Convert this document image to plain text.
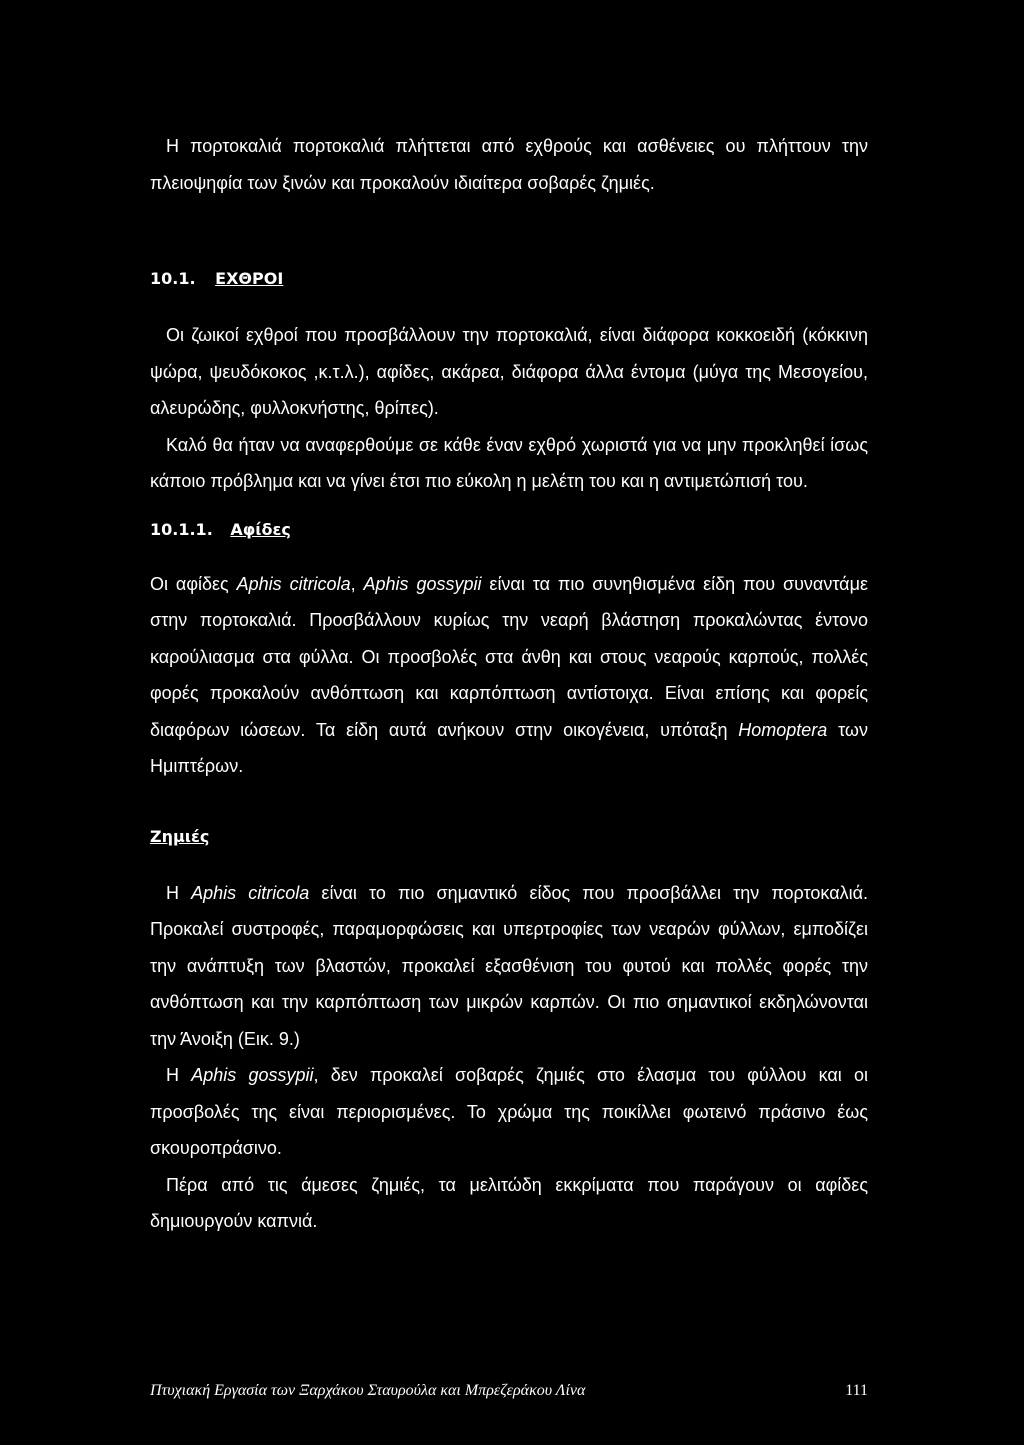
Η πορτοκαλιά πορτοκαλιά πλήττεται από εχθρούς και ασθένειες ου πλήττουν την πλειοψηφία των ξινών και προκαλούν ιδιαίτερα σοβαρές ζημιές.

10.1. ΕΧΘΡΟΙ

Οι ζωικοί εχθροί που προσβάλλουν την πορτοκαλιά, είναι διάφορα κοκκοειδή (κόκκινη ψώρα, ψευδόκοκος ,κ.τ.λ.), αφίδες, ακάρεα, διάφορα άλλα έντομα (μύγα της Μεσογείου, αλευρώδης, φυλλοκνήστης, θρίπες).

Καλό θα ήταν να αναφερθούμε σε κάθε έναν εχθρό χωριστά για να μην προκληθεί ίσως κάποιο πρόβλημα και να γίνει έτσι πιο εύκολη η μελέτη του και η αντιμετώπισή του.

10.1.1. Αφίδες

Οι αφίδες Aphis citricola, Aphis gossypii είναι τα πιο συνηθισμένα είδη που συναντάμε στην πορτοκαλιά. Προσβάλλουν κυρίως την νεαρή βλάστηση προκαλώντας έντονο καρούλιασμα στα φύλλα. Οι προσβολές στα άνθη και στους νεαρούς καρπούς, πολλές φορές προκαλούν ανθόπτωση και καρπόπτωση αντίστοιχα. Είναι επίσης και φορείς διαφόρων ιώσεων. Τα είδη αυτά ανήκουν στην οικογένεια, υπόταξη Homoptera των Ημιπτέρων.

Ζημιές

Η Aphis citricola είναι το πιο σημαντικό είδος που προσβάλλει την πορτοκαλιά. Προκαλεί συστροφές, παραμορφώσεις και υπερτροφίες των νεαρών φύλλων, εμποδίζει την ανάπτυξη των βλαστών, προκαλεί εξασθένιση του φυτού και πολλές φορές την ανθόπτωση και την καρπόπτωση των μικρών καρπών. Οι πιο σημαντικοί εκδηλώνονται την Άνοιξη (Εικ. 9.)

Η Aphis gossypii, δεν προκαλεί σοβαρές ζημιές στο έλασμα του φύλλου και οι προσβολές της είναι περιορισμένες. Το χρώμα της ποικίλλει φωτεινό πράσινο έως σκουροπράσινο.

Πέρα από τις άμεσες ζημιές, τα μελιτώδη εκκρίματα που παράγουν οι αφίδες δημιουργούν καπνιά.

Πτυχιακή Εργασία των Ξαρχάκου Σταυρούλα και Μπρεζεράκου Λίνα	111
